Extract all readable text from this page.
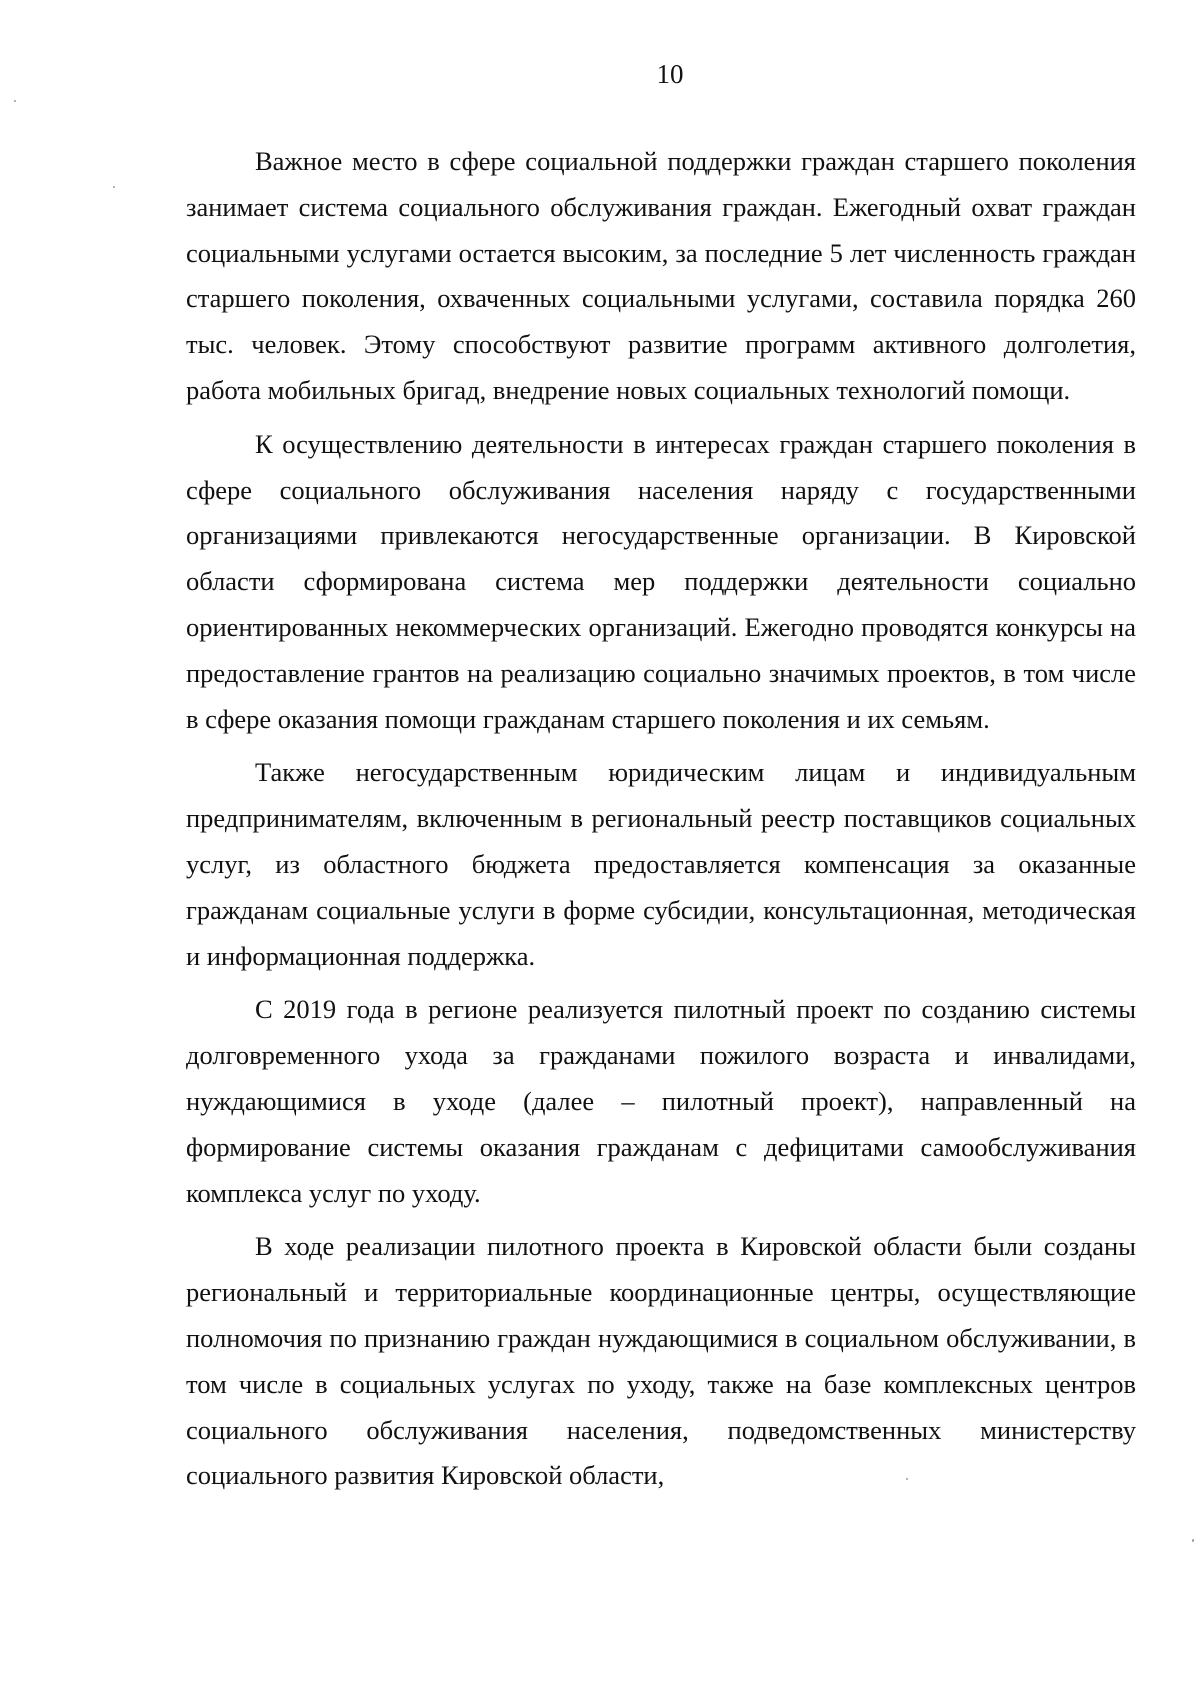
10

Важное место в сфере социальной поддержки граждан старшего поколения занимает система социального обслуживания граждан. Ежегодный охват граждан социальными услугами остается высоким, за последние 5 лет численность граждан старшего поколения, охваченных социальными услугами, составила порядка 260 тыс. человек. Этому способствуют развитие программ активного долголетия, работа мобильных бригад, внедрение новых социальных технологий помощи.

К осуществлению деятельности в интересах граждан старшего поколения в сфере социального обслуживания населения наряду с государственными организациями привлекаются негосударственные организации. В Кировской области сформирована система мер поддержки деятельности социально ориентированных некоммерческих организаций. Ежегодно проводятся конкурсы на предоставление грантов на реализацию социально значимых проектов, в том числе в сфере оказания помощи гражданам старшего поколения и их семьям.

Также негосударственным юридическим лицам и индивидуальным предпринимателям, включенным в региональный реестр поставщиков социальных услуг, из областного бюджета предоставляется компенсация за оказанные гражданам социальные услуги в форме субсидии, консультационная, методическая и информационная поддержка.

С 2019 года в регионе реализуется пилотный проект по созданию системы долговременного ухода за гражданами пожилого возраста и инвалидами, нуждающимися в уходе (далее – пилотный проект), направленный на формирование системы оказания гражданам с дефицитами самообслуживания комплекса услуг по уходу.

В ходе реализации пилотного проекта в Кировской области были созданы региональный и территориальные координационные центры, осуществляющие полномочия по признанию граждан нуждающимися в социальном обслуживании, в том числе в социальных услугах по уходу, также на базе комплексных центров социального обслуживания населения, подведомственных министерству социального развития Кировской области,
